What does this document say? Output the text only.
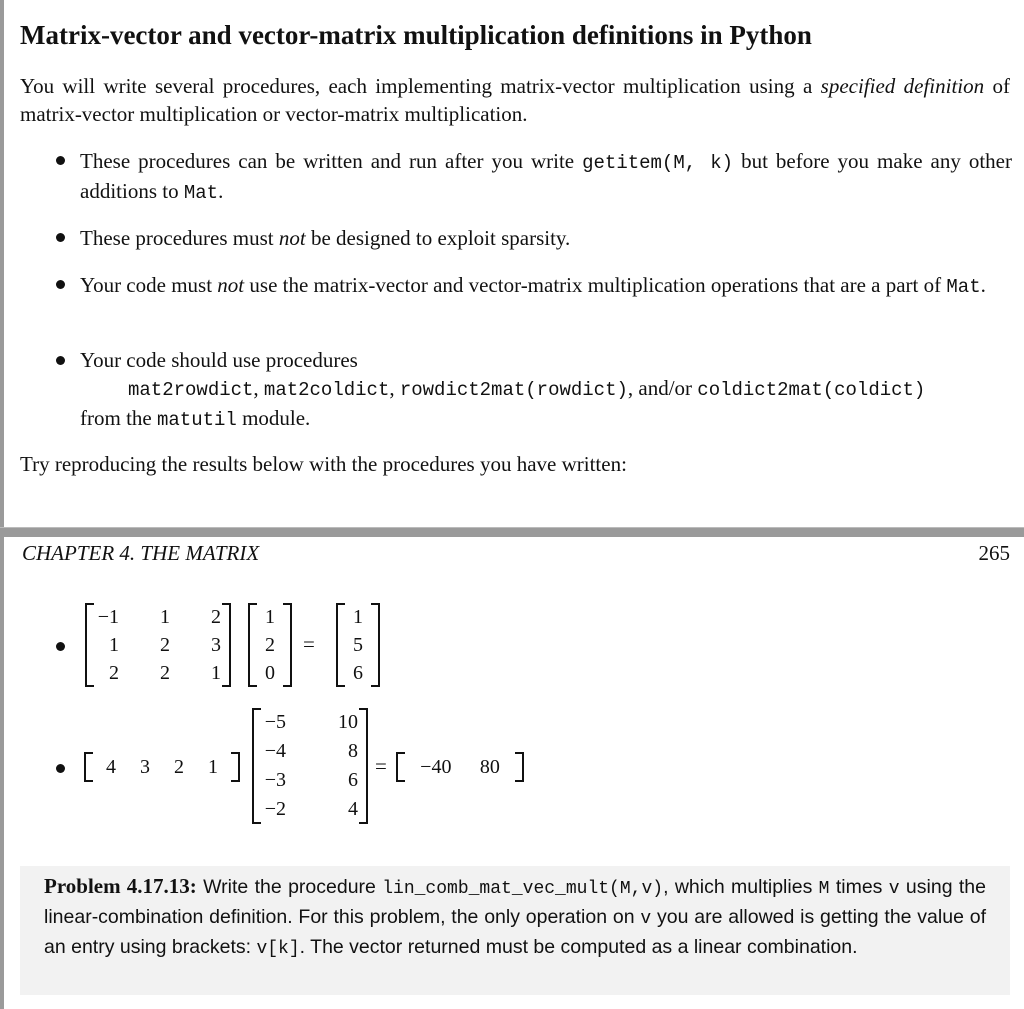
Matrix-vector and vector-matrix multiplication definitions in Python
You will write several procedures, each implementing matrix-vector multiplication using a specified definition of matrix-vector multiplication or vector-matrix multiplication.
These procedures can be written and run after you write getitem(M, k) but before you make any other additions to Mat.
These procedures must not be designed to exploit sparsity.
Your code must not use the matrix-vector and vector-matrix multiplication operations that are a part of Mat.
Your code should use procedures
mat2rowdict, mat2coldict, rowdict2mat(rowdict), and/or coldict2mat(coldict)
from the matutil module.
Try reproducing the results below with the procedures you have written:
CHAPTER 4. THE MATRIX	265
−1	1	2
1	2	3
2	2	1
1
2
0
=
1
5
6
4 3 2 1
−5	10
−4	8
−3	6
−2	4
= −40 80
Problem 4.17.13: Write the procedure lin_comb_mat_vec_mult(M,v), which multiplies M times v using the linear-combination definition. For this problem, the only operation on v you are allowed is getting the value of an entry using brackets: v[k]. The vector returned must be computed as a linear combination.
